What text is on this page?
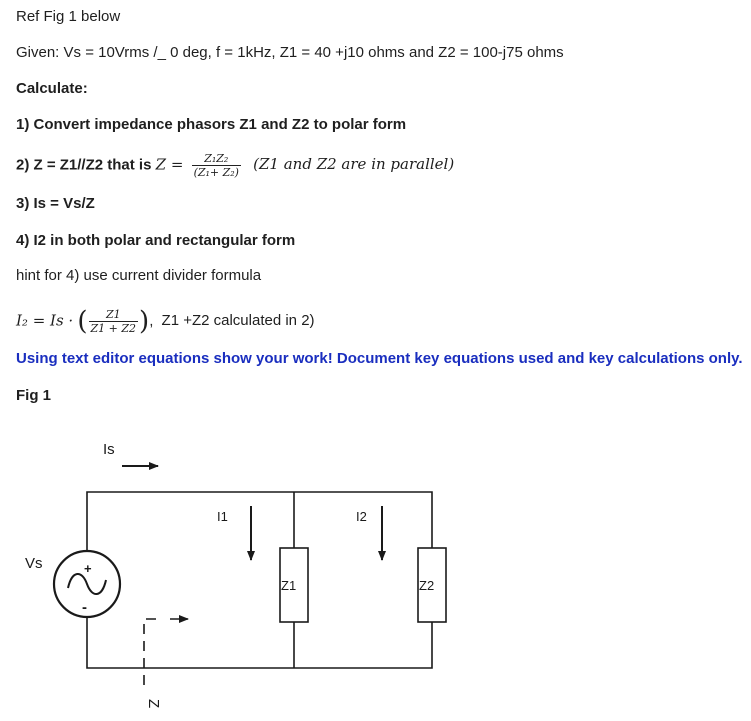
Ref Fig 1 below
Given: Vs = 10Vrms /_ 0 deg, f = 1kHz, Z1 = 40 +j10 ohms and Z2 = 100-j75 ohms
Calculate:
1) Convert impedance phasors Z1 and Z2 to polar form
2) Z = Z1//Z2 that is $Z = \frac{\text{Z₁Z₂}}{\text{(Z₁+ Z₂)}} (Z1$ and Z2 are in parallel)
3) Is = Vs/Z
4) I2 in both polar and rectangular form
hint for 4) use current divider formula
I₂ = Is · ( $\frac{Z1}{Z1 + Z2}$ ), Z1 +Z2 calculated in 2)
Using text editor equations show your work! Document key equations used and key calculations only.
Fig 1
Is
+
-
Vs
I1
Z1
I2
Z2
Z
